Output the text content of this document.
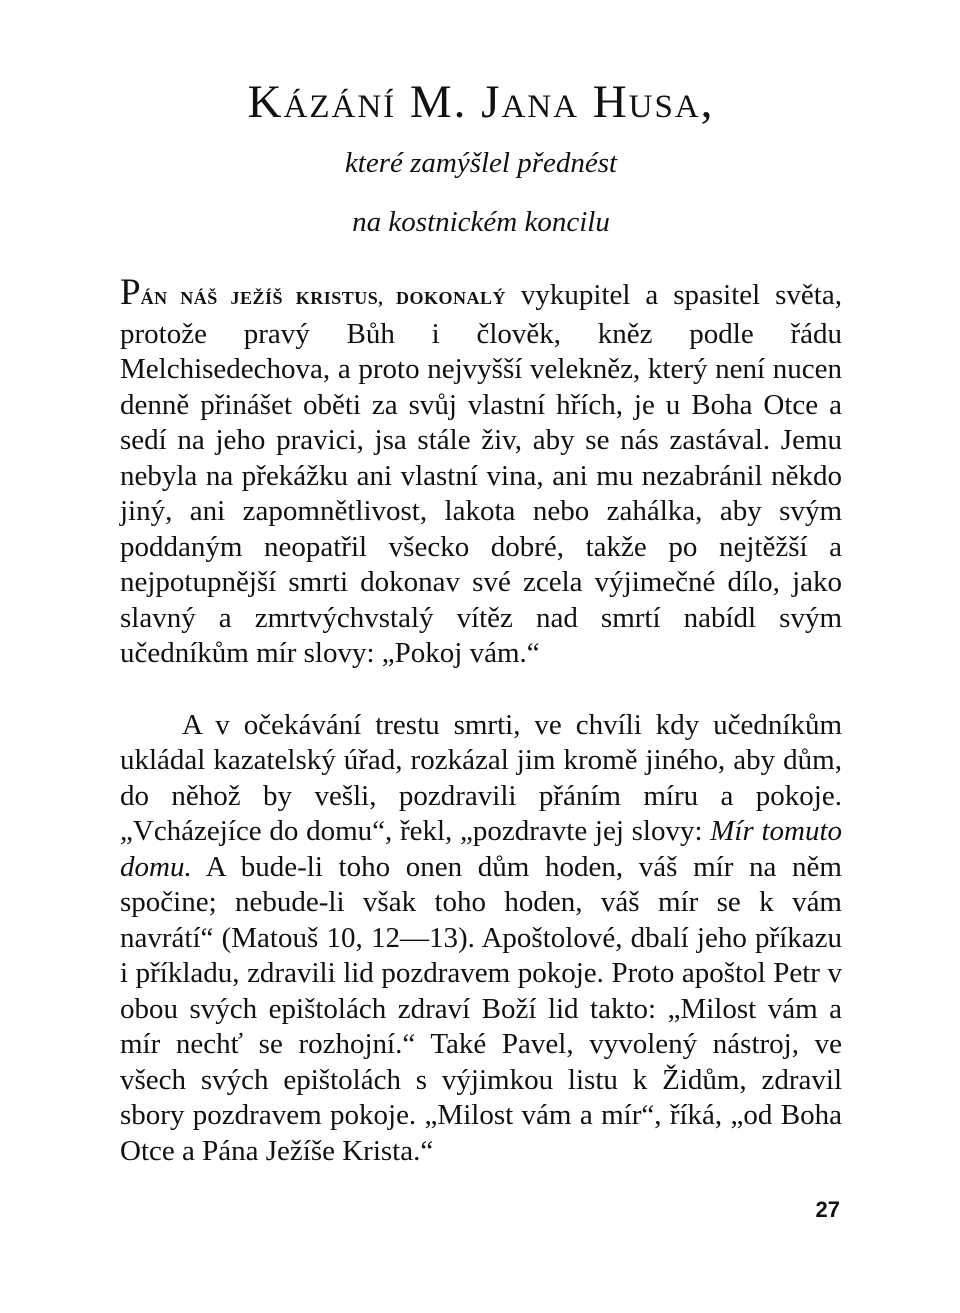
Kázání M. Jana Husa,

které zamýšlel přednést

na kostnickém koncilu

PÁN NÁŠ JEŽÍŠ KRISTUS, DOKONALÝ vykupitel a spasitel světa, protože pravý Bůh i člověk, kněz podle řádu Melchisedechova, a proto nejvyšší velekněz, který není nucen denně přinášet oběti za svůj vlastní hřích, je u Boha Otce a sedí na jeho pravici, jsa stále živ, aby se nás zastával. Jemu nebyla na překážku ani vlastní vina, ani mu nezabránil někdo jiný, ani zapomnětlivost, lakota nebo zahálka, aby svým poddaným neopatřil všecko dobré, takže po nejtěžší a nejpotupnější smrti dokonav své zcela výjimečné dílo, jako slavný a zmrtvýchvstalý vítěz nad smrtí nabídl svým učedníkům mír slovy: „Pokoj vám.“

A v očekávání trestu smrti, ve chvíli kdy učedníkům ukládal kazatelský úřad, rozkázal jim kromě jiného, aby dům, do něhož by vešli, pozdravili přáním míru a pokoje. „Vcházejíce do domu“, řekl, „pozdravte jej slovy: Mír tomuto domu. A bude-li toho onen dům hoden, váš mír na něm spočine; nebude-li však toho hoden, váš mír se k vám navrátí“ (Matouš 10, 12—13). Apoštolové, dbalí jeho příkazu i příkladu, zdravili lid pozdravem pokoje. Proto apoštol Petr v obou svých epištolách zdraví Boží lid takto: „Milost vám a mír nechť se rozhojní.“ Také Pavel, vyvolený nástroj, ve všech svých epištolách s výjimkou listu k Židům, zdravil sbory pozdravem pokoje. „Milost vám a mír“, říká, „od Boha Otce a Pána Ježíše Krista.“

27
